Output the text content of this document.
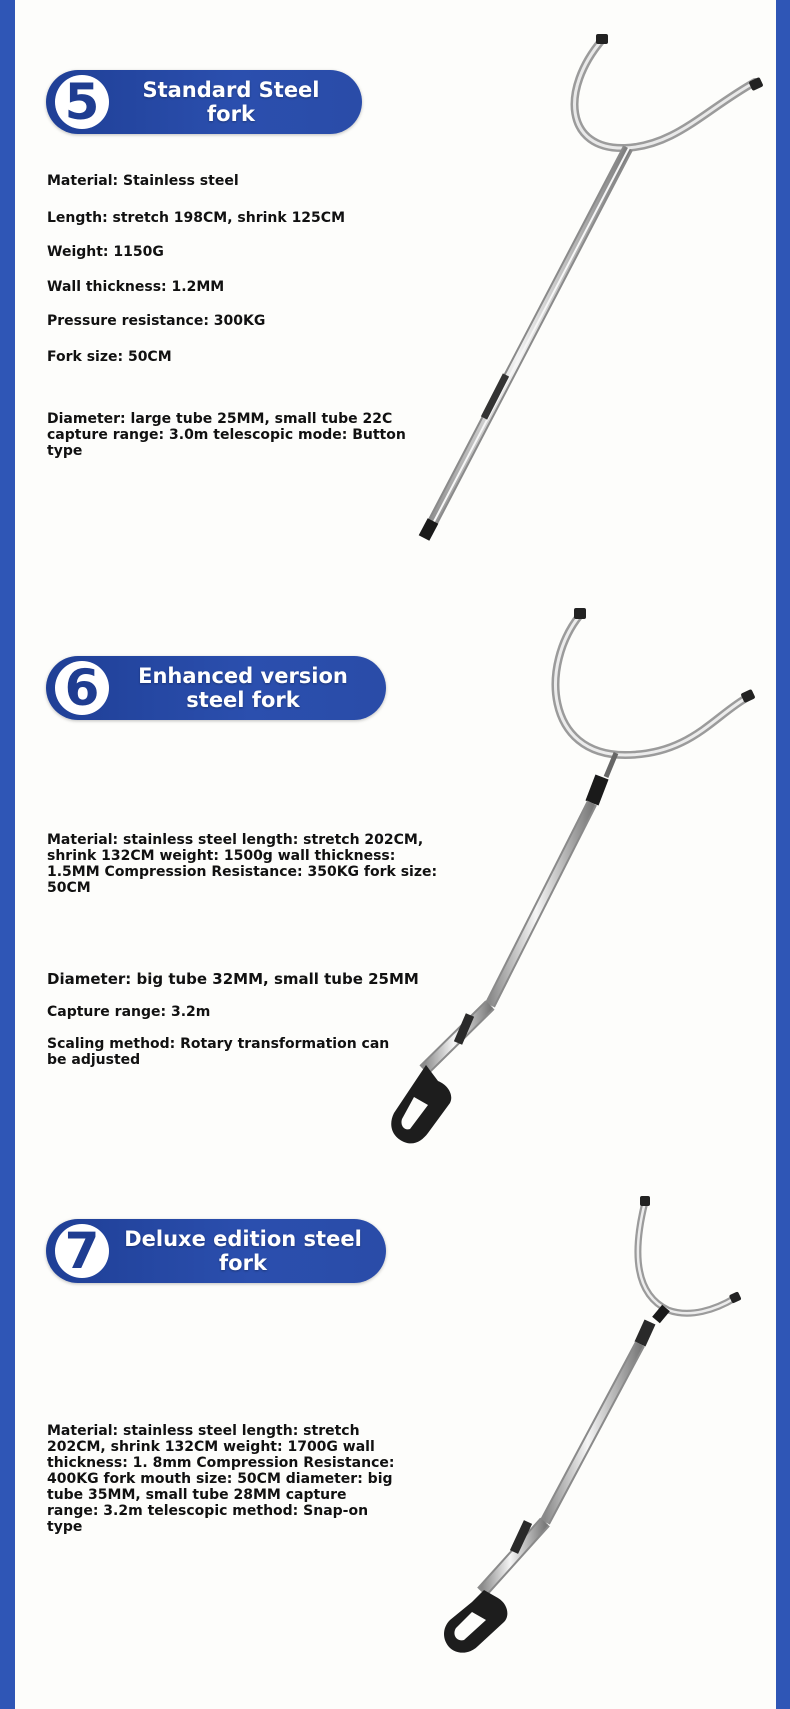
5	Standard Steel fork
Material: Stainless steel
Length: stretch 198CM, shrink 125CM
Weight: 1150G
Wall thickness: 1.2MM
Pressure resistance: 300KG
Fork size: 50CM
Diameter: large tube 25MM, small tube 22C capture range: 3.0m telescopic mode: Button type
6	Enhanced version steel fork
Material: stainless steel length: stretch 202CM, shrink 132CM weight: 1500g wall thickness: 1.5MM Compression Resistance: 350KG fork size: 50CM
Diameter: big tube 32MM, small tube 25MM
Capture range: 3.2m
Scaling method: Rotary transformation can be adjusted
7	Deluxe edition steel fork
Material: stainless steel length: stretch 202CM, shrink 132CM weight: 1700G wall thickness: 1. 8mm Compression Resistance: 400KG fork mouth size: 50CM diameter: big tube 35MM, small tube 28MM capture range: 3.2m telescopic method: Snap-on type
